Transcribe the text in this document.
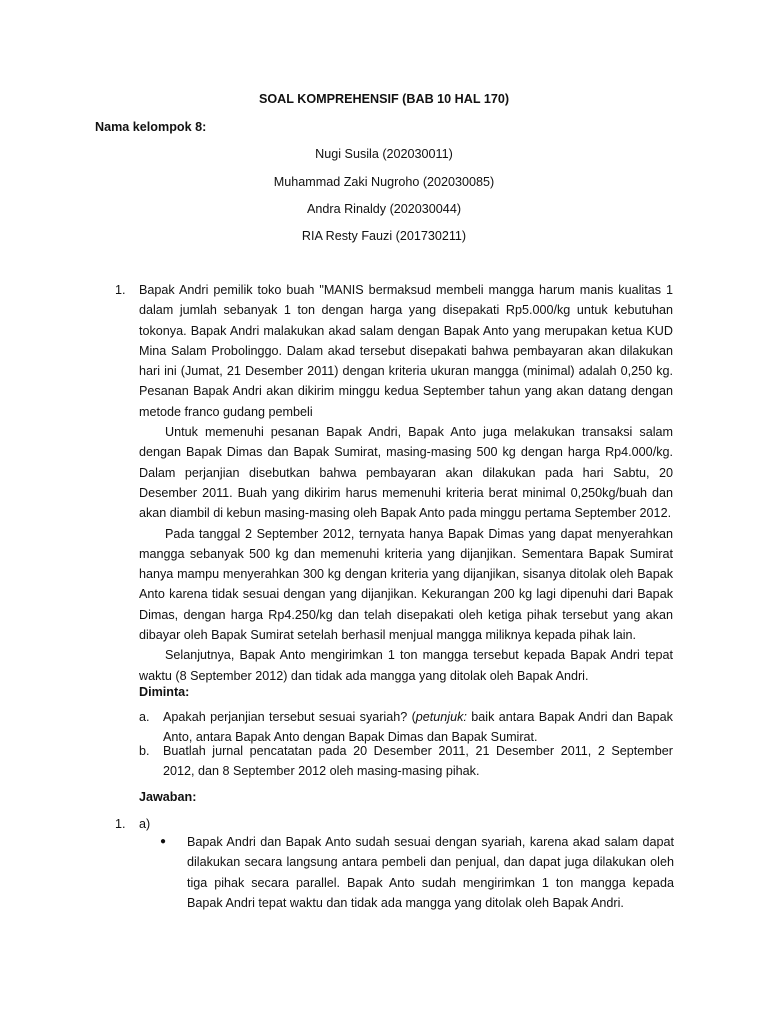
SOAL KOMPREHENSIF (BAB 10 HAL 170)
Nama kelompok 8:
Nugi Susila (202030011)
Muhammad Zaki Nugroho (202030085)
Andra Rinaldy (202030044)
RIA Resty Fauzi (201730211)
1. Bapak Andri pemilik toko buah "MANIS bermaksud membeli mangga harum manis kualitas 1 dalam jumlah sebanyak 1 ton dengan harga yang disepakati Rp5.000/kg untuk kebutuhan tokonya. Bapak Andri malakukan akad salam dengan Bapak Anto yang merupakan ketua KUD Mina Salam Probolinggo. Dalam akad tersebut disepakati bahwa pembayaran akan dilakukan hari ini (Jumat, 21 Desember 2011) dengan kriteria ukuran mangga (minimal) adalah 0,250 kg. Pesanan Bapak Andri akan dikirim minggu kedua September tahun yang akan datang dengan metode franco gudang pembeli

Untuk memenuhi pesanan Bapak Andri, Bapak Anto juga melakukan transaksi salam dengan Bapak Dimas dan Bapak Sumirat, masing-masing 500 kg dengan harga Rp4.000/kg. Dalam perjanjian disebutkan bahwa pembayaran akan dilakukan pada hari Sabtu, 20 Desember 2011. Buah yang dikirim harus memenuhi kriteria berat minimal 0,250kg/buah dan akan diambil di kebun masing-masing oleh Bapak Anto pada minggu pertama September 2012.

Pada tanggal 2 September 2012, ternyata hanya Bapak Dimas yang dapat menyerahkan mangga sebanyak 500 kg dan memenuhi kriteria yang dijanjikan. Sementara Bapak Sumirat hanya mampu menyerahkan 300 kg dengan kriteria yang dijanjikan, sisanya ditolak oleh Bapak Anto karena tidak sesuai dengan yang dijanjikan. Kekurangan 200 kg lagi dipenuhi dari Bapak Dimas, dengan harga Rp4.250/kg dan telah disepakati oleh ketiga pihak tersebut yang akan dibayar oleh Bapak Sumirat setelah berhasil menjual mangga miliknya kepada pihak lain.

Selanjutnya, Bapak Anto mengirimkan 1 ton mangga tersebut kepada Bapak Andri tepat waktu (8 September 2012) dan tidak ada mangga yang ditolak oleh Bapak Andri.

Diminta:
a. Apakah perjanjian tersebut sesuai syariah? (petunjuk: baik antara Bapak Andri dan Bapak Anto, antara Bapak Anto dengan Bapak Dimas dan Bapak Sumirat.
b. Buatlah jurnal pencatatan pada 20 Desember 2011, 21 Desember 2011, 2 September 2012, dan 8 September 2012 oleh masing-masing pihak.
Jawaban:
1. a)
● Bapak Andri dan Bapak Anto sudah sesuai dengan syariah, karena akad salam dapat dilakukan secara langsung antara pembeli dan penjual, dan dapat juga dilakukan oleh tiga pihak secara parallel. Bapak Anto sudah mengirimkan 1 ton mangga kepada Bapak Andri tepat waktu dan tidak ada mangga yang ditolak oleh Bapak Andri.
